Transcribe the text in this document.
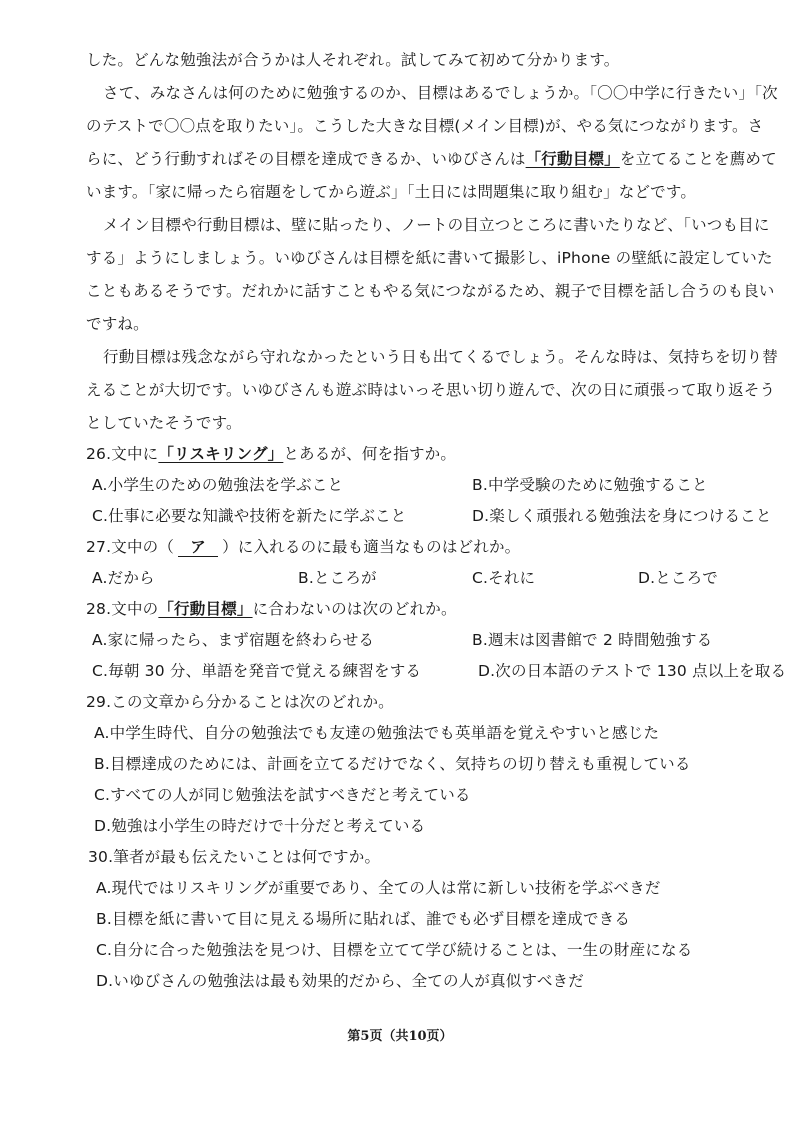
した。どんな勉強法が合うかは人それぞれ。試してみて初めて分かります。
さて、みなさんは何のために勉強するのか、目標はあるでしょうか。「〇〇中学に行きたい」「次
のテストで〇〇点を取りたい」。こうした大きな目標(メイン目標)が、やる気につながります。さ
らに、どう行動すればその目標を達成できるか、いゆびさんは「行動目標」を立てることを薦めて
います。「家に帰ったら宿題をしてから遊ぶ」「土日には問題集に取り組む」などです。
メイン目標や行動目標は、壁に貼ったり、ノートの目立つところに書いたりなど、「いつも目に
する」ようにしましょう。いゆびさんは目標を紙に書いて撮影し、iPhone の壁紙に設定していた
こともあるそうです。だれかに話すこともやる気につながるため、親子で目標を話し合うのも良い
ですね。
行動目標は残念ながら守れなかったという日も出てくるでしょう。そんな時は、気持ちを切り替
えることが大切です。いゆびさんも遊ぶ時はいっそ思い切り遊んで、次の日に頑張って取り返そう
としていたそうです。
26.文中に「リスキリング」とあるが、何を指すか。
A.小学生のための勉強法を学ぶこと	B.中学受験のために勉強すること
C.仕事に必要な知識や技術を新たに学ぶこと	D.楽しく頑張れる勉強法を身につけること
27.文中の（ ア ）に入れるのに最も適当なものはどれか。
A.だから	B.ところが	C.それに	D.ところで
28.文中の「行動目標」に合わないのは次のどれか。
A.家に帰ったら、まず宿題を終わらせる	B.週末は図書館で 2 時間勉強する
C.毎朝 30 分、単語を発音で覚える練習をする	D.次の日本語のテストで 130 点以上を取る
29.この文章から分かることは次のどれか。
A.中学生時代、自分の勉強法でも友達の勉強法でも英単語を覚えやすいと感じた
B.目標達成のためには、計画を立てるだけでなく、気持ちの切り替えも重視している
C.すべての人が同じ勉強法を試すべきだと考えている
D.勉強は小学生の時だけで十分だと考えている
30.筆者が最も伝えたいことは何ですか。
A.現代ではリスキリングが重要であり、全ての人は常に新しい技術を学ぶべきだ
B.目標を紙に書いて目に見える場所に貼れば、誰でも必ず目標を達成できる
C.自分に合った勉強法を見つけ、目標を立てて学び続けることは、一生の財産になる
D.いゆびさんの勉強法は最も効果的だから、全ての人が真似すべきだ
第5页（共10页）
